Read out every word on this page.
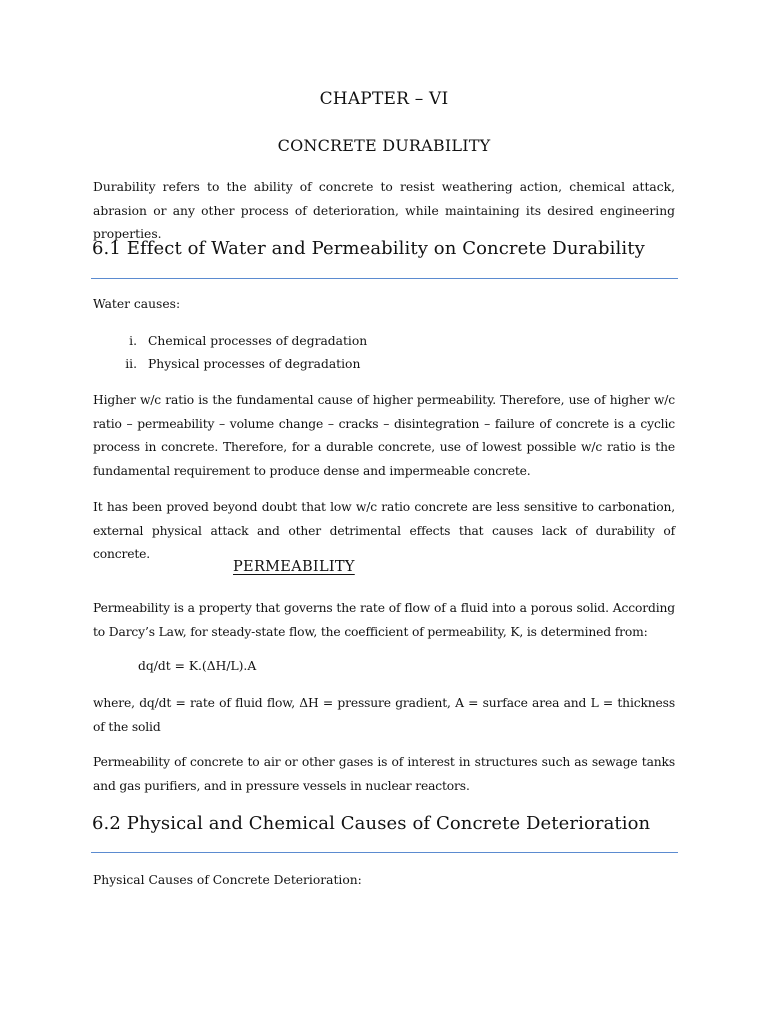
CHAPTER – VI
CONCRETE DURABILITY
Durability refers to the ability of concrete to resist weathering action, chemical attack, abrasion or any other process of deterioration, while maintaining its desired engineering properties.
6.1 Effect of Water and Permeability on Concrete Durability
Water causes:
i. Chemical processes of degradation
ii. Physical processes of degradation
Higher w/c ratio is the fundamental cause of higher permeability. Therefore, use of higher w/c ratio – permeability – volume change – cracks – disintegration – failure of concrete is a cyclic process in concrete. Therefore, for a durable concrete, use of lowest possible w/c ratio is the fundamental requirement to produce dense and impermeable concrete.
It has been proved beyond doubt that low w/c ratio concrete are less sensitive to carbonation, external physical attack and other detrimental effects that causes lack of durability of concrete.
PERMEABILITY
Permeability is a property that governs the rate of flow of a fluid into a porous solid. According to Darcy’s Law, for steady-state flow, the coefficient of permeability, K, is determined from:
dq/dt = K.(ΔH/L).A
where, dq/dt = rate of fluid flow, ΔH = pressure gradient, A = surface area and L = thickness of the solid
Permeability of concrete to air or other gases is of interest in structures such as sewage tanks and gas purifiers, and in pressure vessels in nuclear reactors.
6.2 Physical and Chemical Causes of Concrete Deterioration
Physical Causes of Concrete Deterioration:
